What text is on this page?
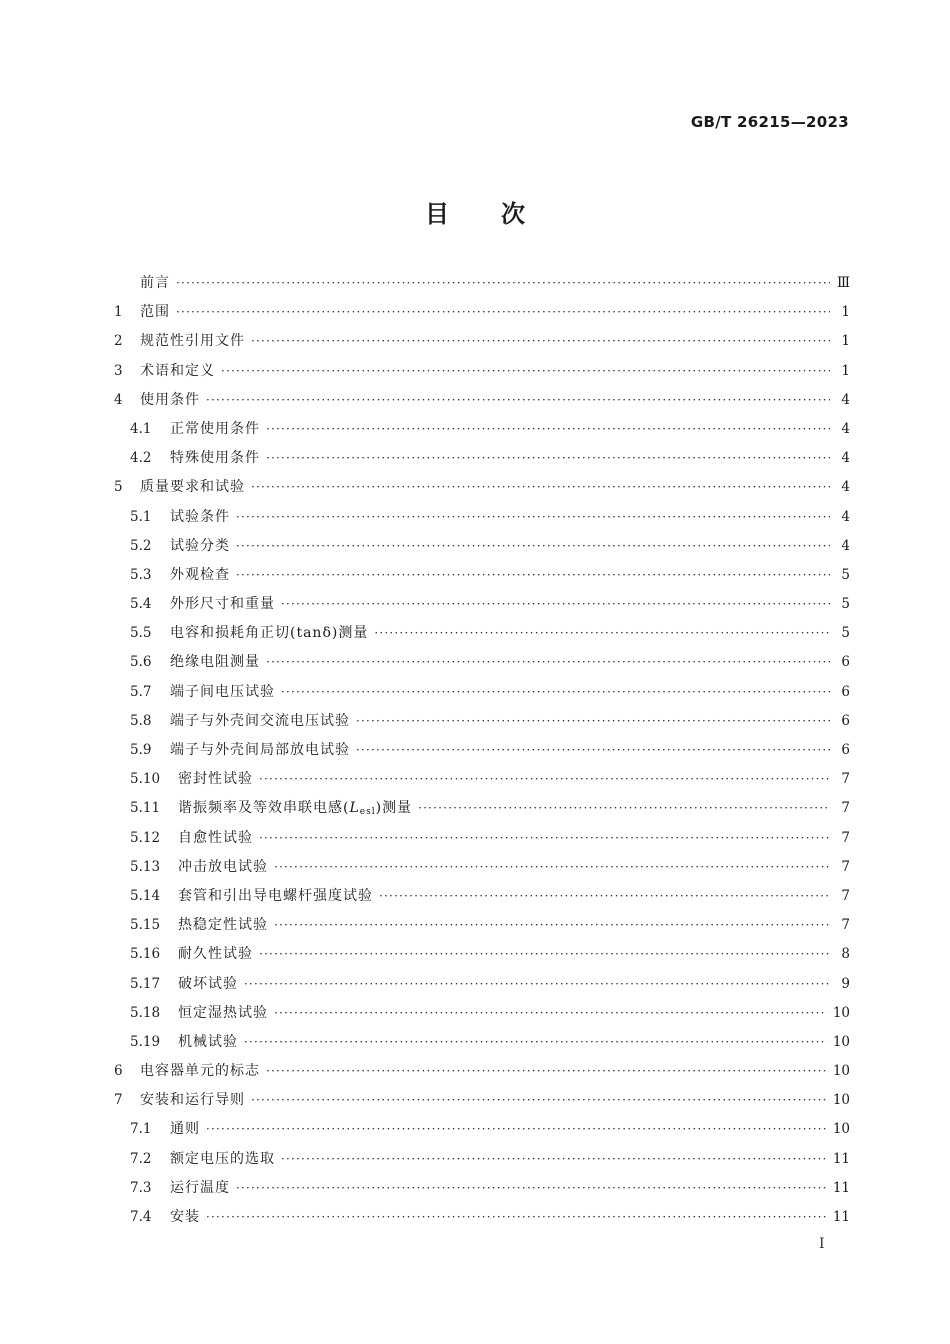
GB/T 26215—2023
目次
前言 ·····	Ⅲ
1	范围 ·····	1
2	规范性引用文件 ·····	1
3	术语和定义 ·····	1
4	使用条件 ·····	4
4.1	正常使用条件 ·····	4
4.2	特殊使用条件 ·····	4
5	质量要求和试验 ·····	4
5.1	试验条件 ·····	4
5.2	试验分类 ·····	4
5.3	外观检查 ·····	5
5.4	外形尺寸和重量 ·····	5
5.5	电容和损耗角正切(tanδ)测量 ·····	5
5.6	绝缘电阻测量 ·····	6
5.7	端子间电压试验 ·····	6
5.8	端子与外壳间交流电压试验 ·····	6
5.9	端子与外壳间局部放电试验 ·····	6
5.10	密封性试验 ·····	7
5.11	谐振频率及等效串联电感(Lesl)测量 ·····	7
5.12	自愈性试验 ·····	7
5.13	冲击放电试验 ·····	7
5.14	套管和引出导电螺杆强度试验 ·····	7
5.15	热稳定性试验 ·····	7
5.16	耐久性试验 ·····	8
5.17	破坏试验 ·····	9
5.18	恒定湿热试验 ·····	10
5.19	机械试验 ·····	10
6	电容器单元的标志 ·····	10
7	安装和运行导则 ·····	10
7.1	通则 ·····	10
7.2	额定电压的选取 ·····	11
7.3	运行温度 ·····	11
7.4	安装 ·····	11
I
